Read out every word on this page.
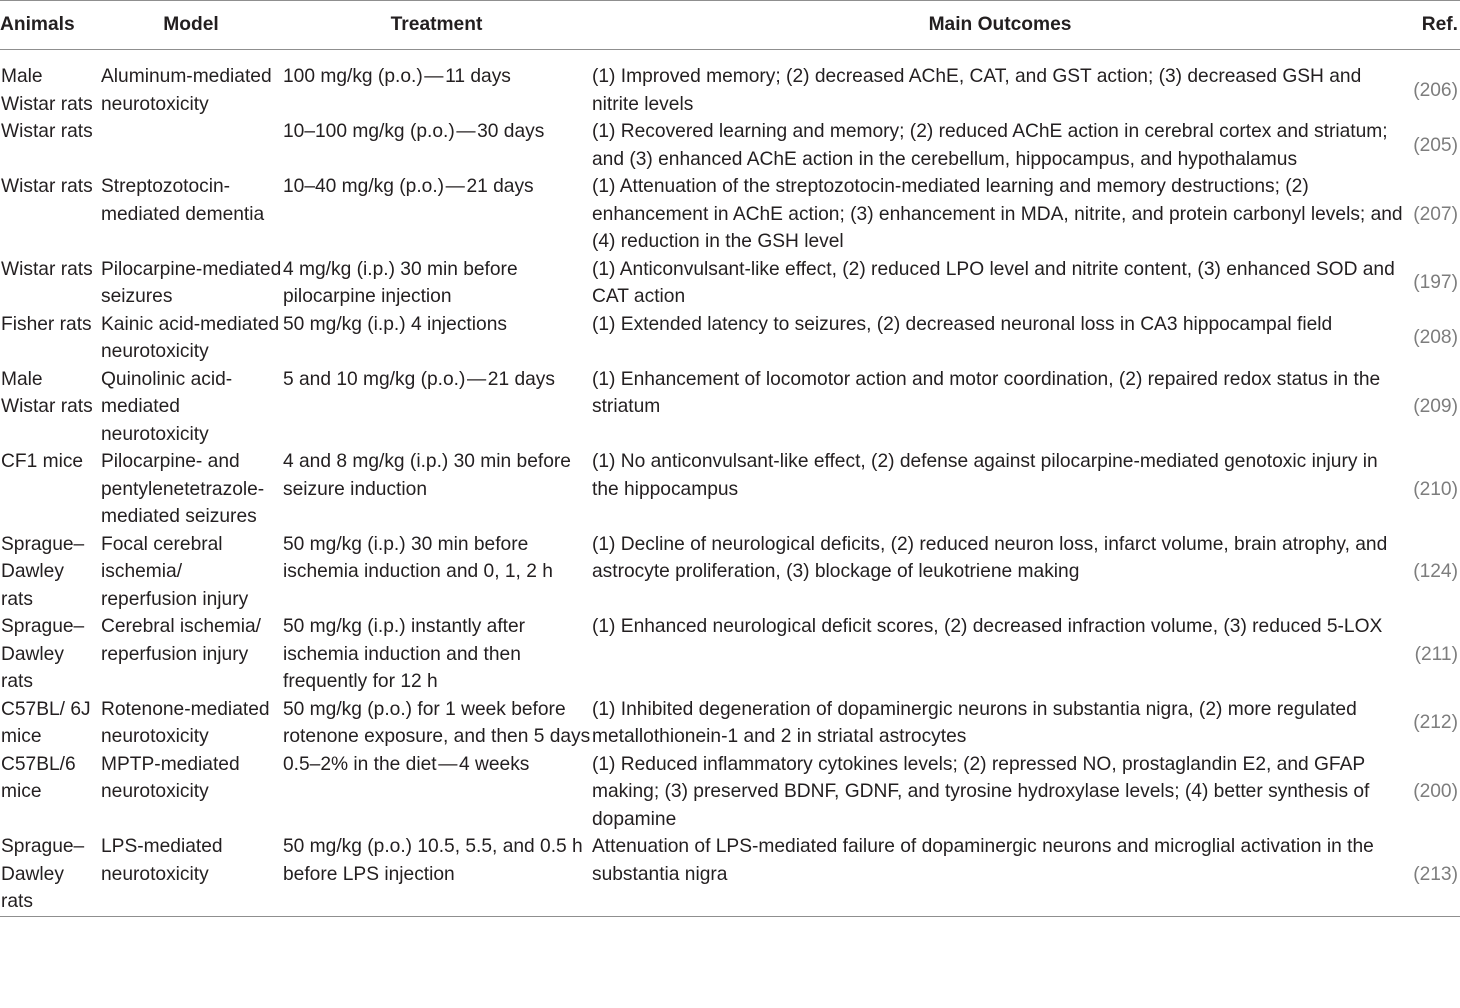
Animals	Model	Treatment	Main Outcomes	Ref.
Male Wistar rats	Aluminum-mediated neurotoxicity	100 mg/kg (p.o.) — 11 days	(1) Improved memory; (2) decreased AChE, CAT, and GST action; (3) decreased GSH and nitrite levels	(206)
Wistar rats		10–100 mg/kg (p.o.) — 30 days	(1) Recovered learning and memory; (2) reduced AChE action in cerebral cortex and striatum; and (3) enhanced AChE action in the cerebellum, hippocampus, and hypothalamus	(205)
Wistar rats	Streptozotocin-mediated dementia	10–40 mg/kg (p.o.) — 21 days	(1) Attenuation of the streptozotocin-mediated learning and memory destructions; (2) enhancement in AChE action; (3) enhancement in MDA, nitrite, and protein carbonyl levels; and (4) reduction in the GSH level	(207)
Wistar rats	Pilocarpine-mediated seizures	4 mg/kg (i.p.) 30 min before pilocarpine injection	(1) Anticonvulsant-like effect, (2) reduced LPO level and nitrite content, (3) enhanced SOD and CAT action	(197)
Fisher rats	Kainic acid-mediated neurotoxicity	50 mg/kg (i.p.) 4 injections	(1) Extended latency to seizures, (2) decreased neuronal loss in CA3 hippocampal field	(208)
Male Wistar rats	Quinolinic acid-mediated neurotoxicity	5 and 10 mg/kg (p.o.) — 21 days	(1) Enhancement of locomotor action and motor coordination, (2) repaired redox status in the striatum	(209)
CF1 mice	Pilocarpine- and pentylenetetrazole-mediated seizures	4 and 8 mg/kg (i.p.) 30 min before seizure induction	(1) No anticonvulsant-like effect, (2) defense against pilocarpine-mediated genotoxic injury in the hippocampus	(210)
Sprague–Dawley rats	Focal cerebral ischemia/ reperfusion injury	50 mg/kg (i.p.) 30 min before ischemia induction and 0, 1, 2 h	(1) Decline of neurological deficits, (2) reduced neuron loss, infarct volume, brain atrophy, and astrocyte proliferation, (3) blockage of leukotriene making	(124)
Sprague–Dawley rats	Cerebral ischemia/ reperfusion injury	50 mg/kg (i.p.) instantly after ischemia induction and then frequently for 12 h	(1) Enhanced neurological deficit scores, (2) decreased infraction volume, (3) reduced 5-LOX	(211)
C57BL/ 6J mice	Rotenone-mediated neurotoxicity	50 mg/kg (p.o.) for 1 week before rotenone exposure, and then 5 days	(1) Inhibited degeneration of dopaminergic neurons in substantia nigra, (2) more regulated metallothionein-1 and 2 in striatal astrocytes	(212)
C57BL/6 mice	MPTP-mediated neurotoxicity	0.5–2% in the diet — 4 weeks	(1) Reduced inflammatory cytokines levels; (2) repressed NO, prostaglandin E2, and GFAP making; (3) preserved BDNF, GDNF, and tyrosine hydroxylase levels; (4) better synthesis of dopamine	(200)
Sprague–Dawley rats	LPS-mediated neurotoxicity	50 mg/kg (p.o.) 10.5, 5.5, and 0.5 h before LPS injection	Attenuation of LPS-mediated failure of dopaminergic neurons and microglial activation in the substantia nigra	(213)
